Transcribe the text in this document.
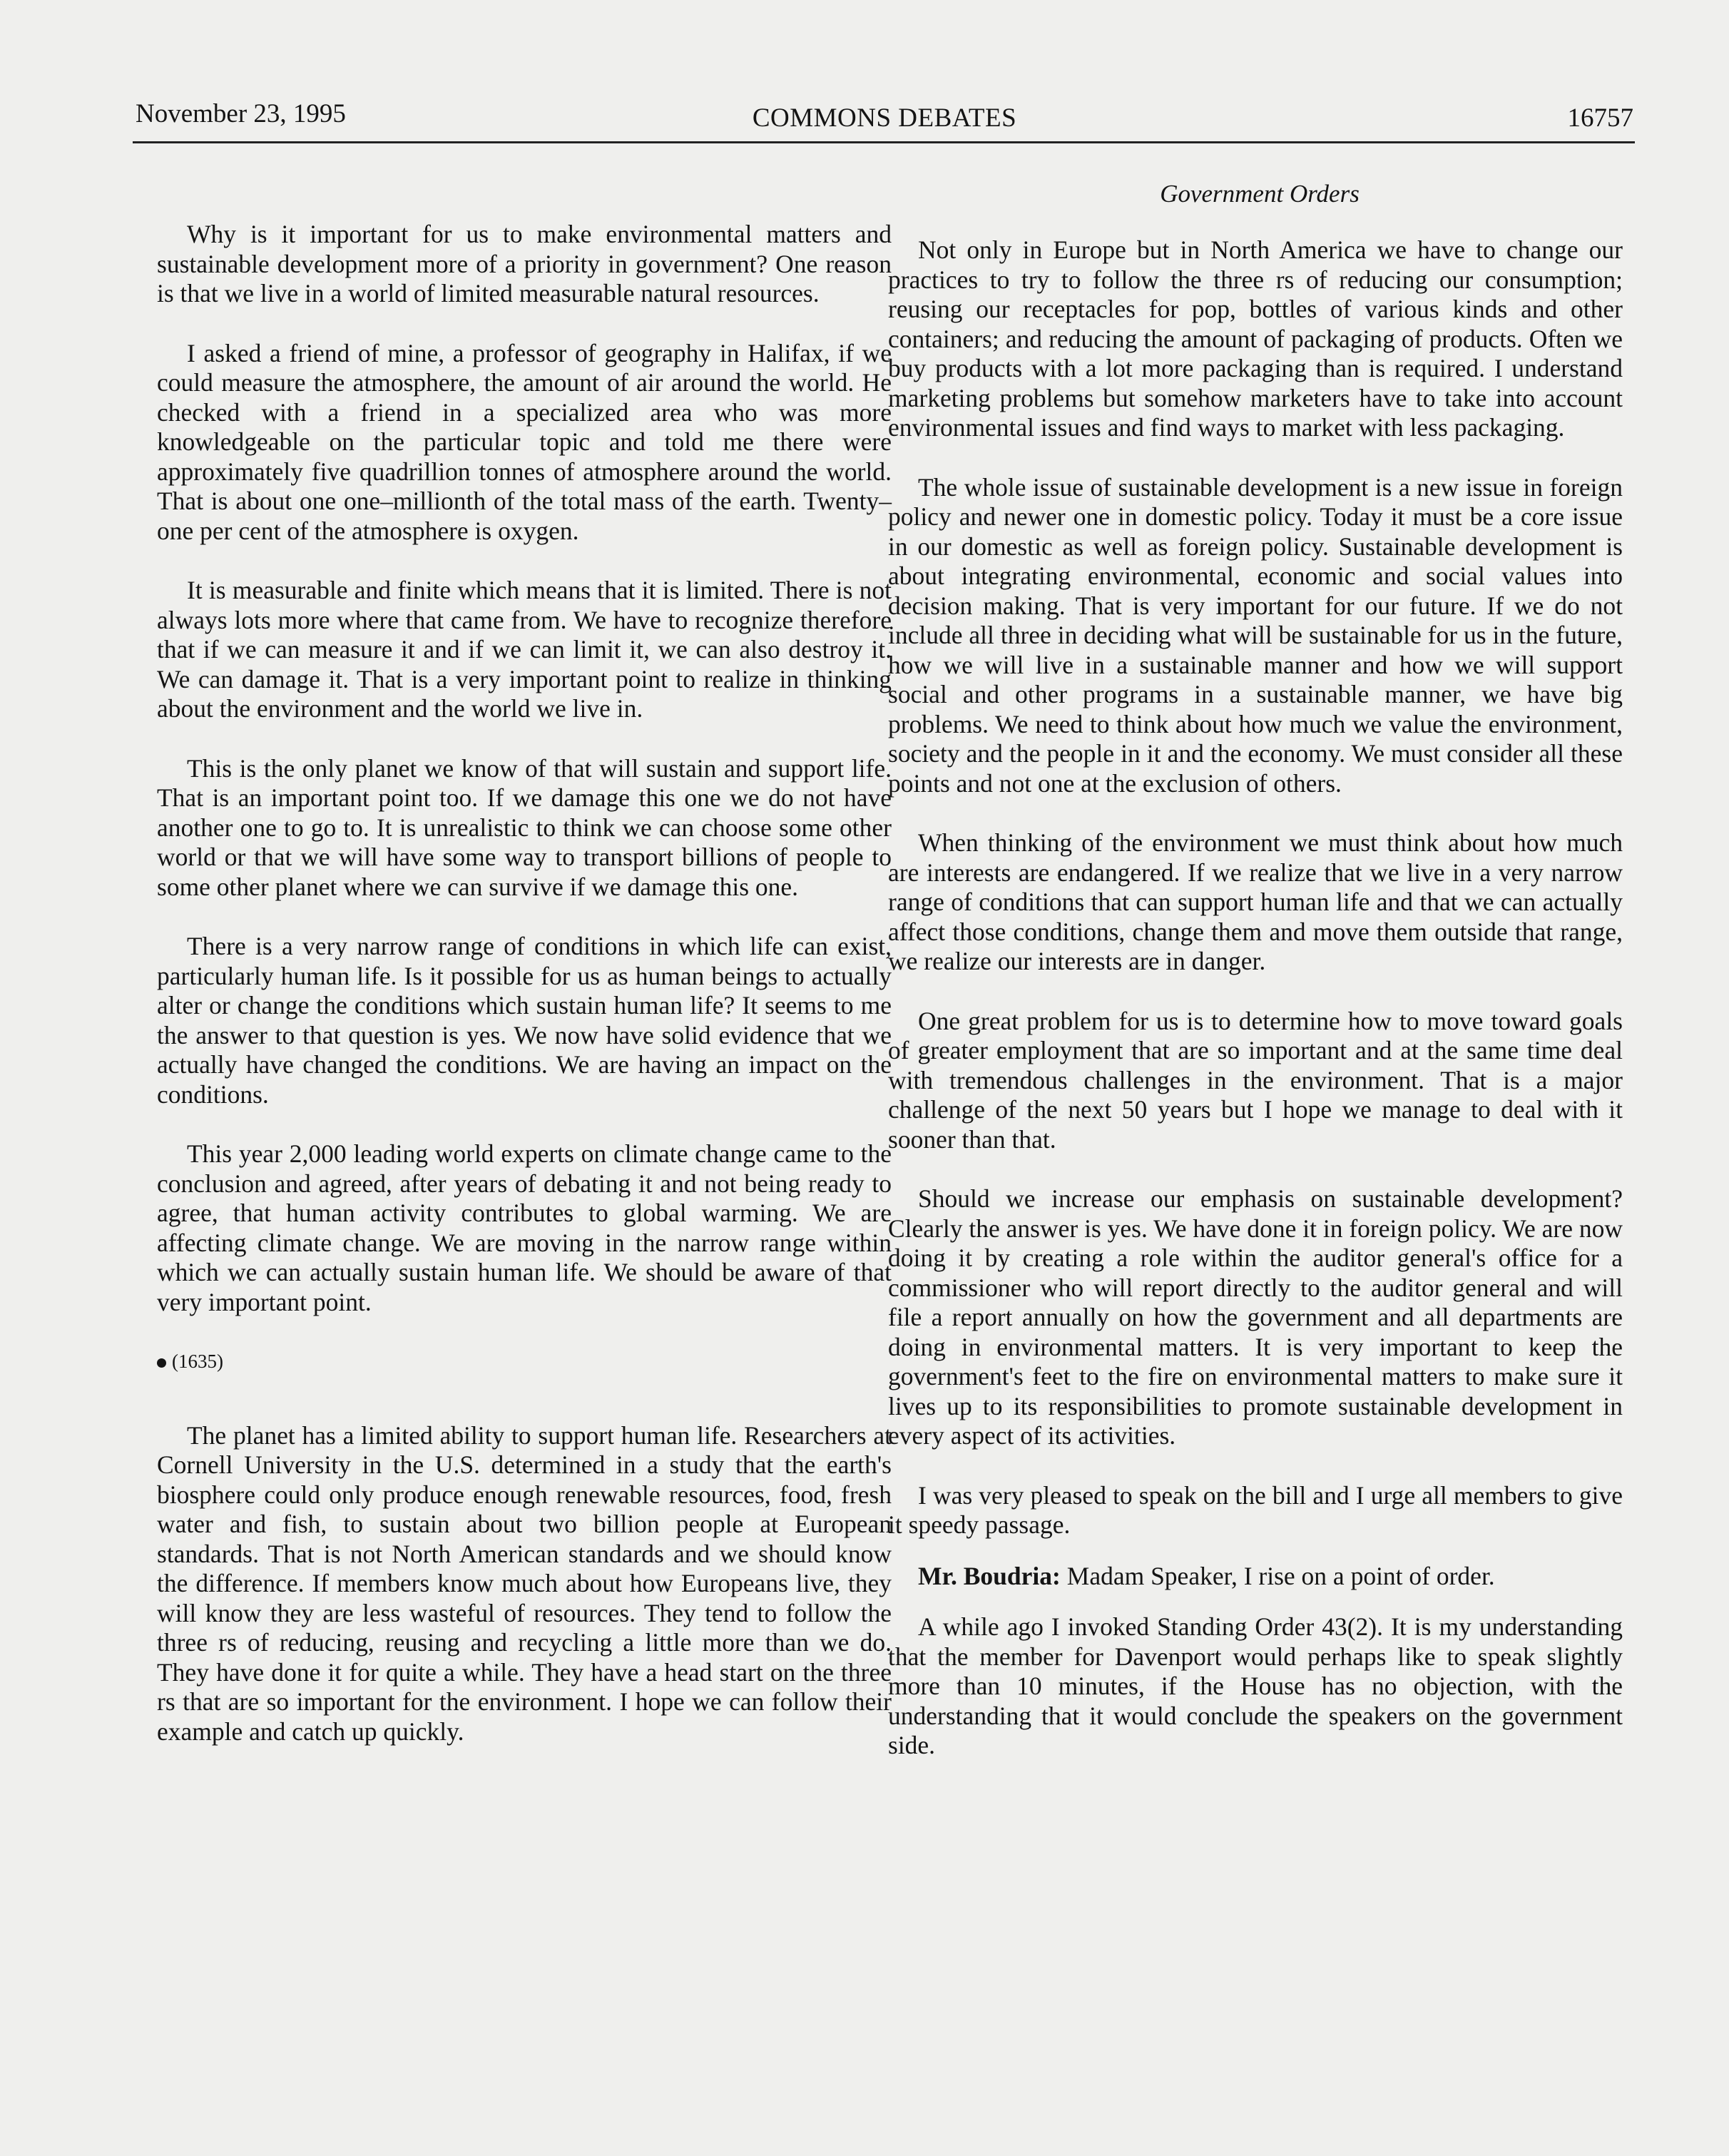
November 23, 1995	COMMONS DEBATES	16757
Government Orders

Why is it important for us to make environmental matters and sustainable development more of a priority in government? One reason is that we live in a world of limited measurable natural resources.

I asked a friend of mine, a professor of geography in Halifax, if we could measure the atmosphere, the amount of air around the world. He checked with a friend in a specialized area who was more knowledgeable on the particular topic and told me there were approximately five quadrillion tonnes of atmosphere around the world. That is about one one–millionth of the total mass of the earth. Twenty–one per cent of the atmosphere is oxygen.

It is measurable and finite which means that it is limited. There is not always lots more where that came from. We have to recognize therefore that if we can measure it and if we can limit it, we can also destroy it. We can damage it. That is a very important point to realize in thinking about the environment and the world we live in.

This is the only planet we know of that will sustain and support life. That is an important point too. If we damage this one we do not have another one to go to. It is unrealistic to think we can choose some other world or that we will have some way to transport billions of people to some other planet where we can survive if we damage this one.

There is a very narrow range of conditions in which life can exist, particularly human life. Is it possible for us as human beings to actually alter or change the conditions which sustain human life? It seems to me the answer to that question is yes. We now have solid evidence that we actually have changed the conditions. We are having an impact on the conditions.

This year 2,000 leading world experts on climate change came to the conclusion and agreed, after years of debating it and not being ready to agree, that human activity contributes to global warming. We are affecting climate change. We are moving in the narrow range within which we can actually sustain human life. We should be aware of that very important point.

(1635)

The planet has a limited ability to support human life. Researchers at Cornell University in the U.S. determined in a study that the earth's biosphere could only produce enough renewable resources, food, fresh water and fish, to sustain about two billion people at European standards. That is not North American standards and we should know the difference. If members know much about how Europeans live, they will know they are less wasteful of resources. They tend to follow the three rs of reducing, reusing and recycling a little more than we do. They have done it for quite a while. They have a head start on the three rs that are so important for the environment. I hope we can follow their example and catch up quickly.

Not only in Europe but in North America we have to change our practices to try to follow the three rs of reducing our consumption; reusing our receptacles for pop, bottles of various kinds and other containers; and reducing the amount of packaging of products. Often we buy products with a lot more packaging than is required. I understand marketing problems but somehow marketers have to take into account environmental issues and find ways to market with less packaging.

The whole issue of sustainable development is a new issue in foreign policy and newer one in domestic policy. Today it must be a core issue in our domestic as well as foreign policy. Sustainable development is about integrating environmental, economic and social values into decision making. That is very important for our future. If we do not include all three in deciding what will be sustainable for us in the future, how we will live in a sustainable manner and how we will support social and other programs in a sustainable manner, we have big problems. We need to think about how much we value the environment, society and the people in it and the economy. We must consider all these points and not one at the exclusion of others.

When thinking of the environment we must think about how much are interests are endangered. If we realize that we live in a very narrow range of conditions that can support human life and that we can actually affect those conditions, change them and move them outside that range, we realize our interests are in danger.

One great problem for us is to determine how to move toward goals of greater employment that are so important and at the same time deal with tremendous challenges in the environment. That is a major challenge of the next 50 years but I hope we manage to deal with it sooner than that.

Should we increase our emphasis on sustainable development? Clearly the answer is yes. We have done it in foreign policy. We are now doing it by creating a role within the auditor general's office for a commissioner who will report directly to the auditor general and will file a report annually on how the government and all departments are doing in environmental matters. It is very important to keep the government's feet to the fire on environmental matters to make sure it lives up to its responsibilities to promote sustainable development in every aspect of its activities.

I was very pleased to speak on the bill and I urge all members to give it speedy passage.

Mr. Boudria: Madam Speaker, I rise on a point of order.

A while ago I invoked Standing Order 43(2). It is my understanding that the member for Davenport would perhaps like to speak slightly more than 10 minutes, if the House has no objection, with the understanding that it would conclude the speakers on the government side.
